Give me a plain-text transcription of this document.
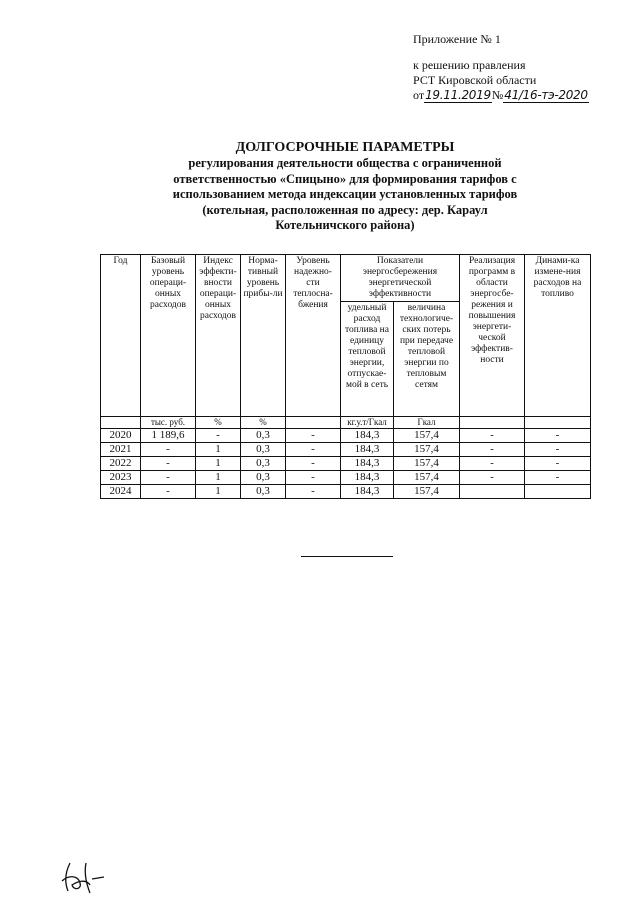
Приложение № 1
к решению правления
РСТ Кировской области
от19.11.2019№41/16-тэ-2020
ДОЛГОСРОЧНЫЕ ПАРАМЕТРЫ
регулирования деятельности общества с ограниченной
ответственностью «Спицыно» для формирования тарифов с
использованием метода индексации установленных тарифов
(котельная, расположенная по адресу: дер. Караул
Котельничского района)
Год	Базовый уровень операци-онных расходов	Индекс эффекти-вности операци-онных расходов	Норма-тивный уровень прибы-ли	Уровень надежно-сти теплоcна-бжения	Показатели энергосбережения энергетической эффективности		Реализация программ в области энергосбе-режения и повышения энергети-ческой эффектив-ности	Динами-ка измене-ния расходов на топливо
					удельный расход топлива на единицу тепловой энергии, отпускае-мой в сеть	величина технологиче-ских потерь при передаче тепловой энергии по тепловым сетям		
	тыс. руб.	%	%		кг.у.т/Гкал	Гкал		
2020	1 189,6	-	0,3	-	184,3	157,4	-	-
2021	-	1	0,3	-	184,3	157,4	-	-
2022	-	1	0,3	-	184,3	157,4	-	-
2023	-	1	0,3	-	184,3	157,4	-	-
2024	-	1	0,3	-	184,3	157,4		
